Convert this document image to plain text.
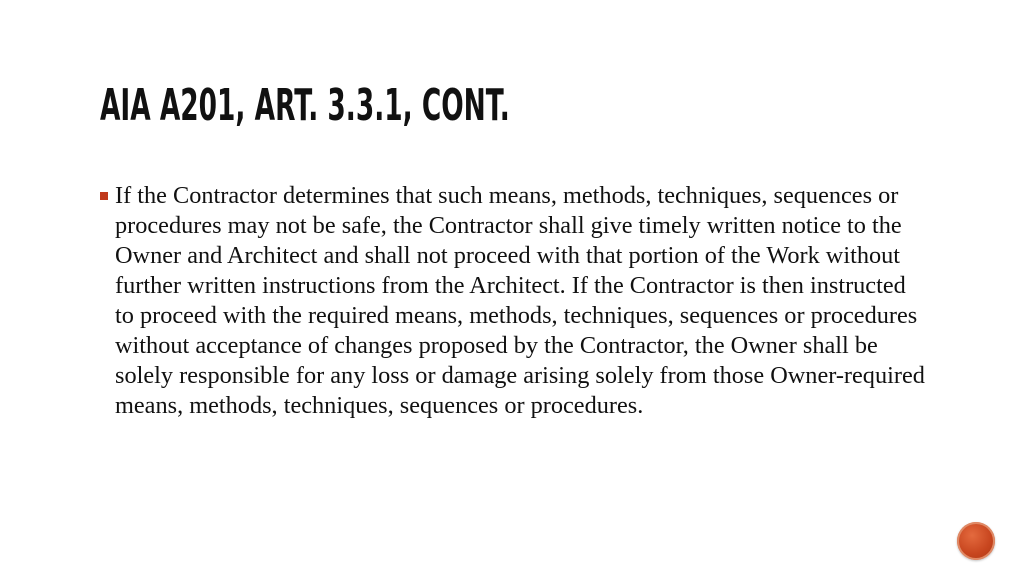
AIA A201, ART. 3.3.1, CONT.

If the Contractor determines that such means, methods, techniques, sequences or procedures may not be safe, the Contractor shall give timely written notice to the Owner and Architect and shall not proceed with that portion of the Work without further written instructions from the Architect. If the Contractor is then instructed to proceed with the required means, methods, techniques, sequences or procedures without acceptance of changes proposed by the Contractor, the Owner shall be solely responsible for any loss or damage arising solely from those Owner-required means, methods, techniques, sequences or procedures.
